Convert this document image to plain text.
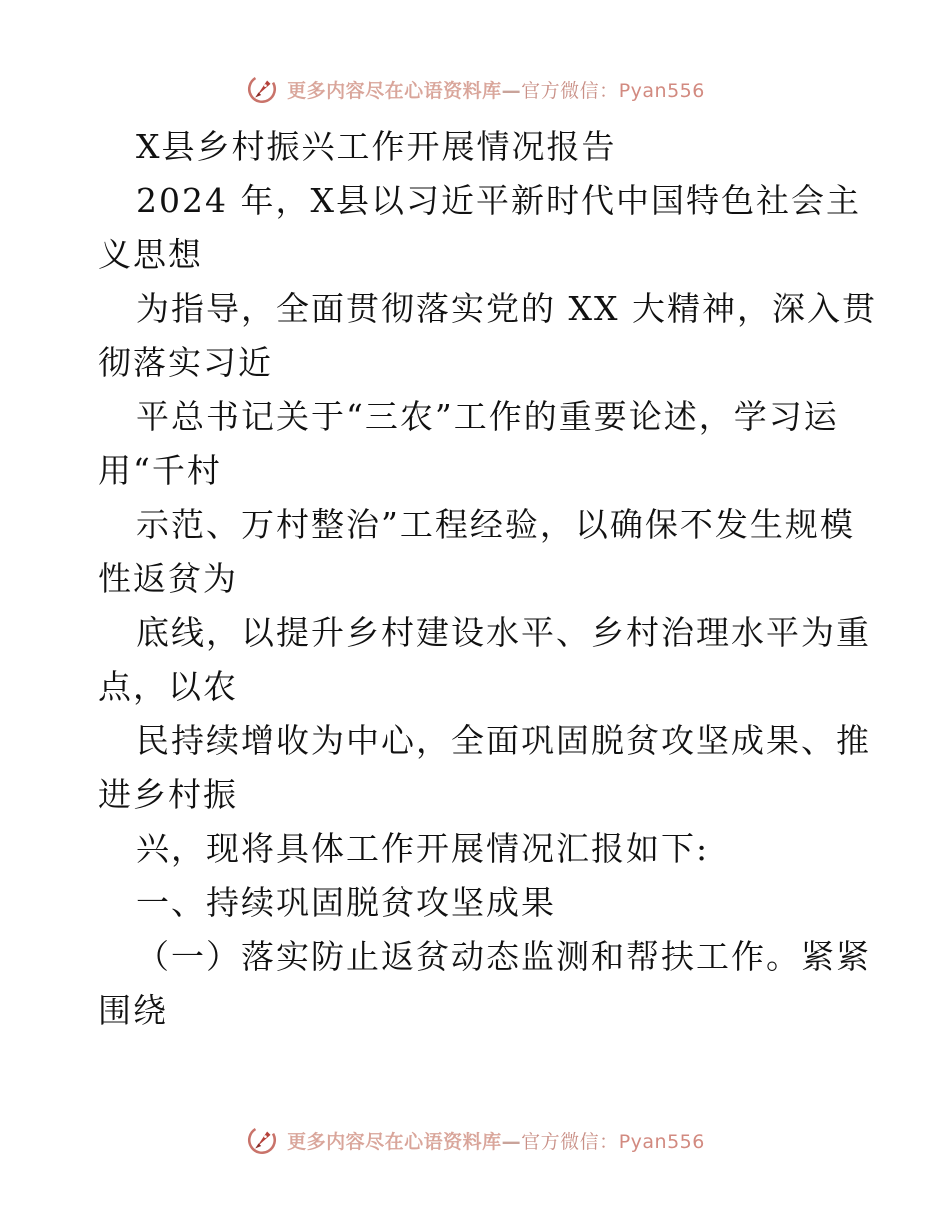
更多内容尽在心语资料库—官方微信：Pyan556
X县乡村振兴工作开展情况报告
2024 年，X县以习近平新时代中国特色社会主
义思想
为指导，全面贯彻落实党的 XX 大精神，深入贯
彻落实习近
平总书记关于“三农”工作的重要论述，学习运
用“千村
示范、万村整治”工程经验，以确保不发生规模
性返贫为
底线，以提升乡村建设水平、乡村治理水平为重
点，以农
民持续增收为中心，全面巩固脱贫攻坚成果、推
进乡村振
兴，现将具体工作开展情况汇报如下:
一、持续巩固脱贫攻坚成果
（一）落实防止返贫动态监测和帮扶工作。紧紧
围绕
更多内容尽在心语资料库—官方微信：Pyan556
